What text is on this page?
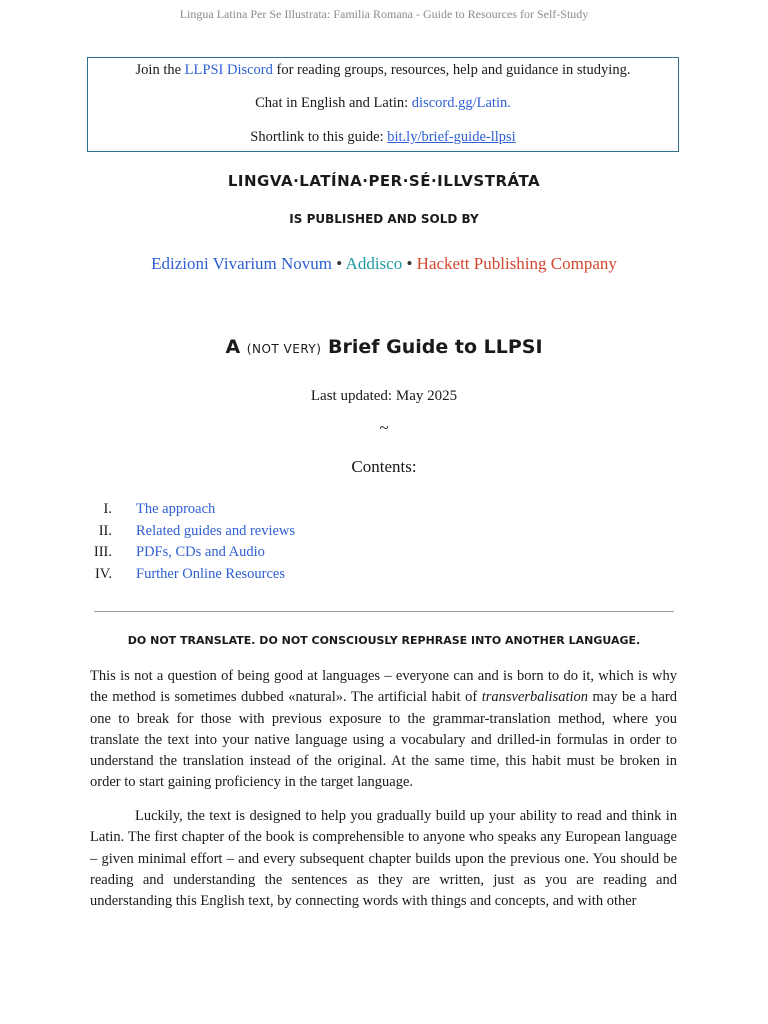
Lingua Latina Per Se Illustrata: Familia Romana - Guide to Resources for Self-Study

Join the LLPSI Discord for reading groups, resources, help and guidance in studying.

Chat in English and Latin: discord.gg/Latin.

Shortlink to this guide: bit.ly/brief-guide-llpsi

LINGVA·LATÍNA·PER·SÉ·ILLVSTRÁTA
IS PUBLISHED AND SOLD BY
Edizioni Vivarium Novum • Addisco • Hackett Publishing Company
A (NOT VERY) Brief Guide to LLPSI
Last updated: May 2025
~
Contents:
I. The approach
II. Related guides and reviews
III. PDFs, CDs and Audio
IV. Further Online Resources
DO NOT TRANSLATE. DO NOT CONSCIOUSLY REPHRASE INTO ANOTHER LANGUAGE.

This is not a question of being good at languages – everyone can and is born to do it, which is why the method is sometimes dubbed «natural». The artificial habit of transverbalisation may be a hard one to break for those with previous exposure to the grammar-translation method, where you translate the text into your native language using a vocabulary and drilled-in formulas in order to understand the translation instead of the original. At the same time, this habit must be broken in order to start gaining proficiency in the target language.

Luckily, the text is designed to help you gradually build up your ability to read and think in Latin. The first chapter of the book is comprehensible to anyone who speaks any European language – given minimal effort – and every subsequent chapter builds upon the previous one. You should be reading and understanding the sentences as they are written, just as you are reading and understanding this English text, by connecting words with things and concepts, and with other
